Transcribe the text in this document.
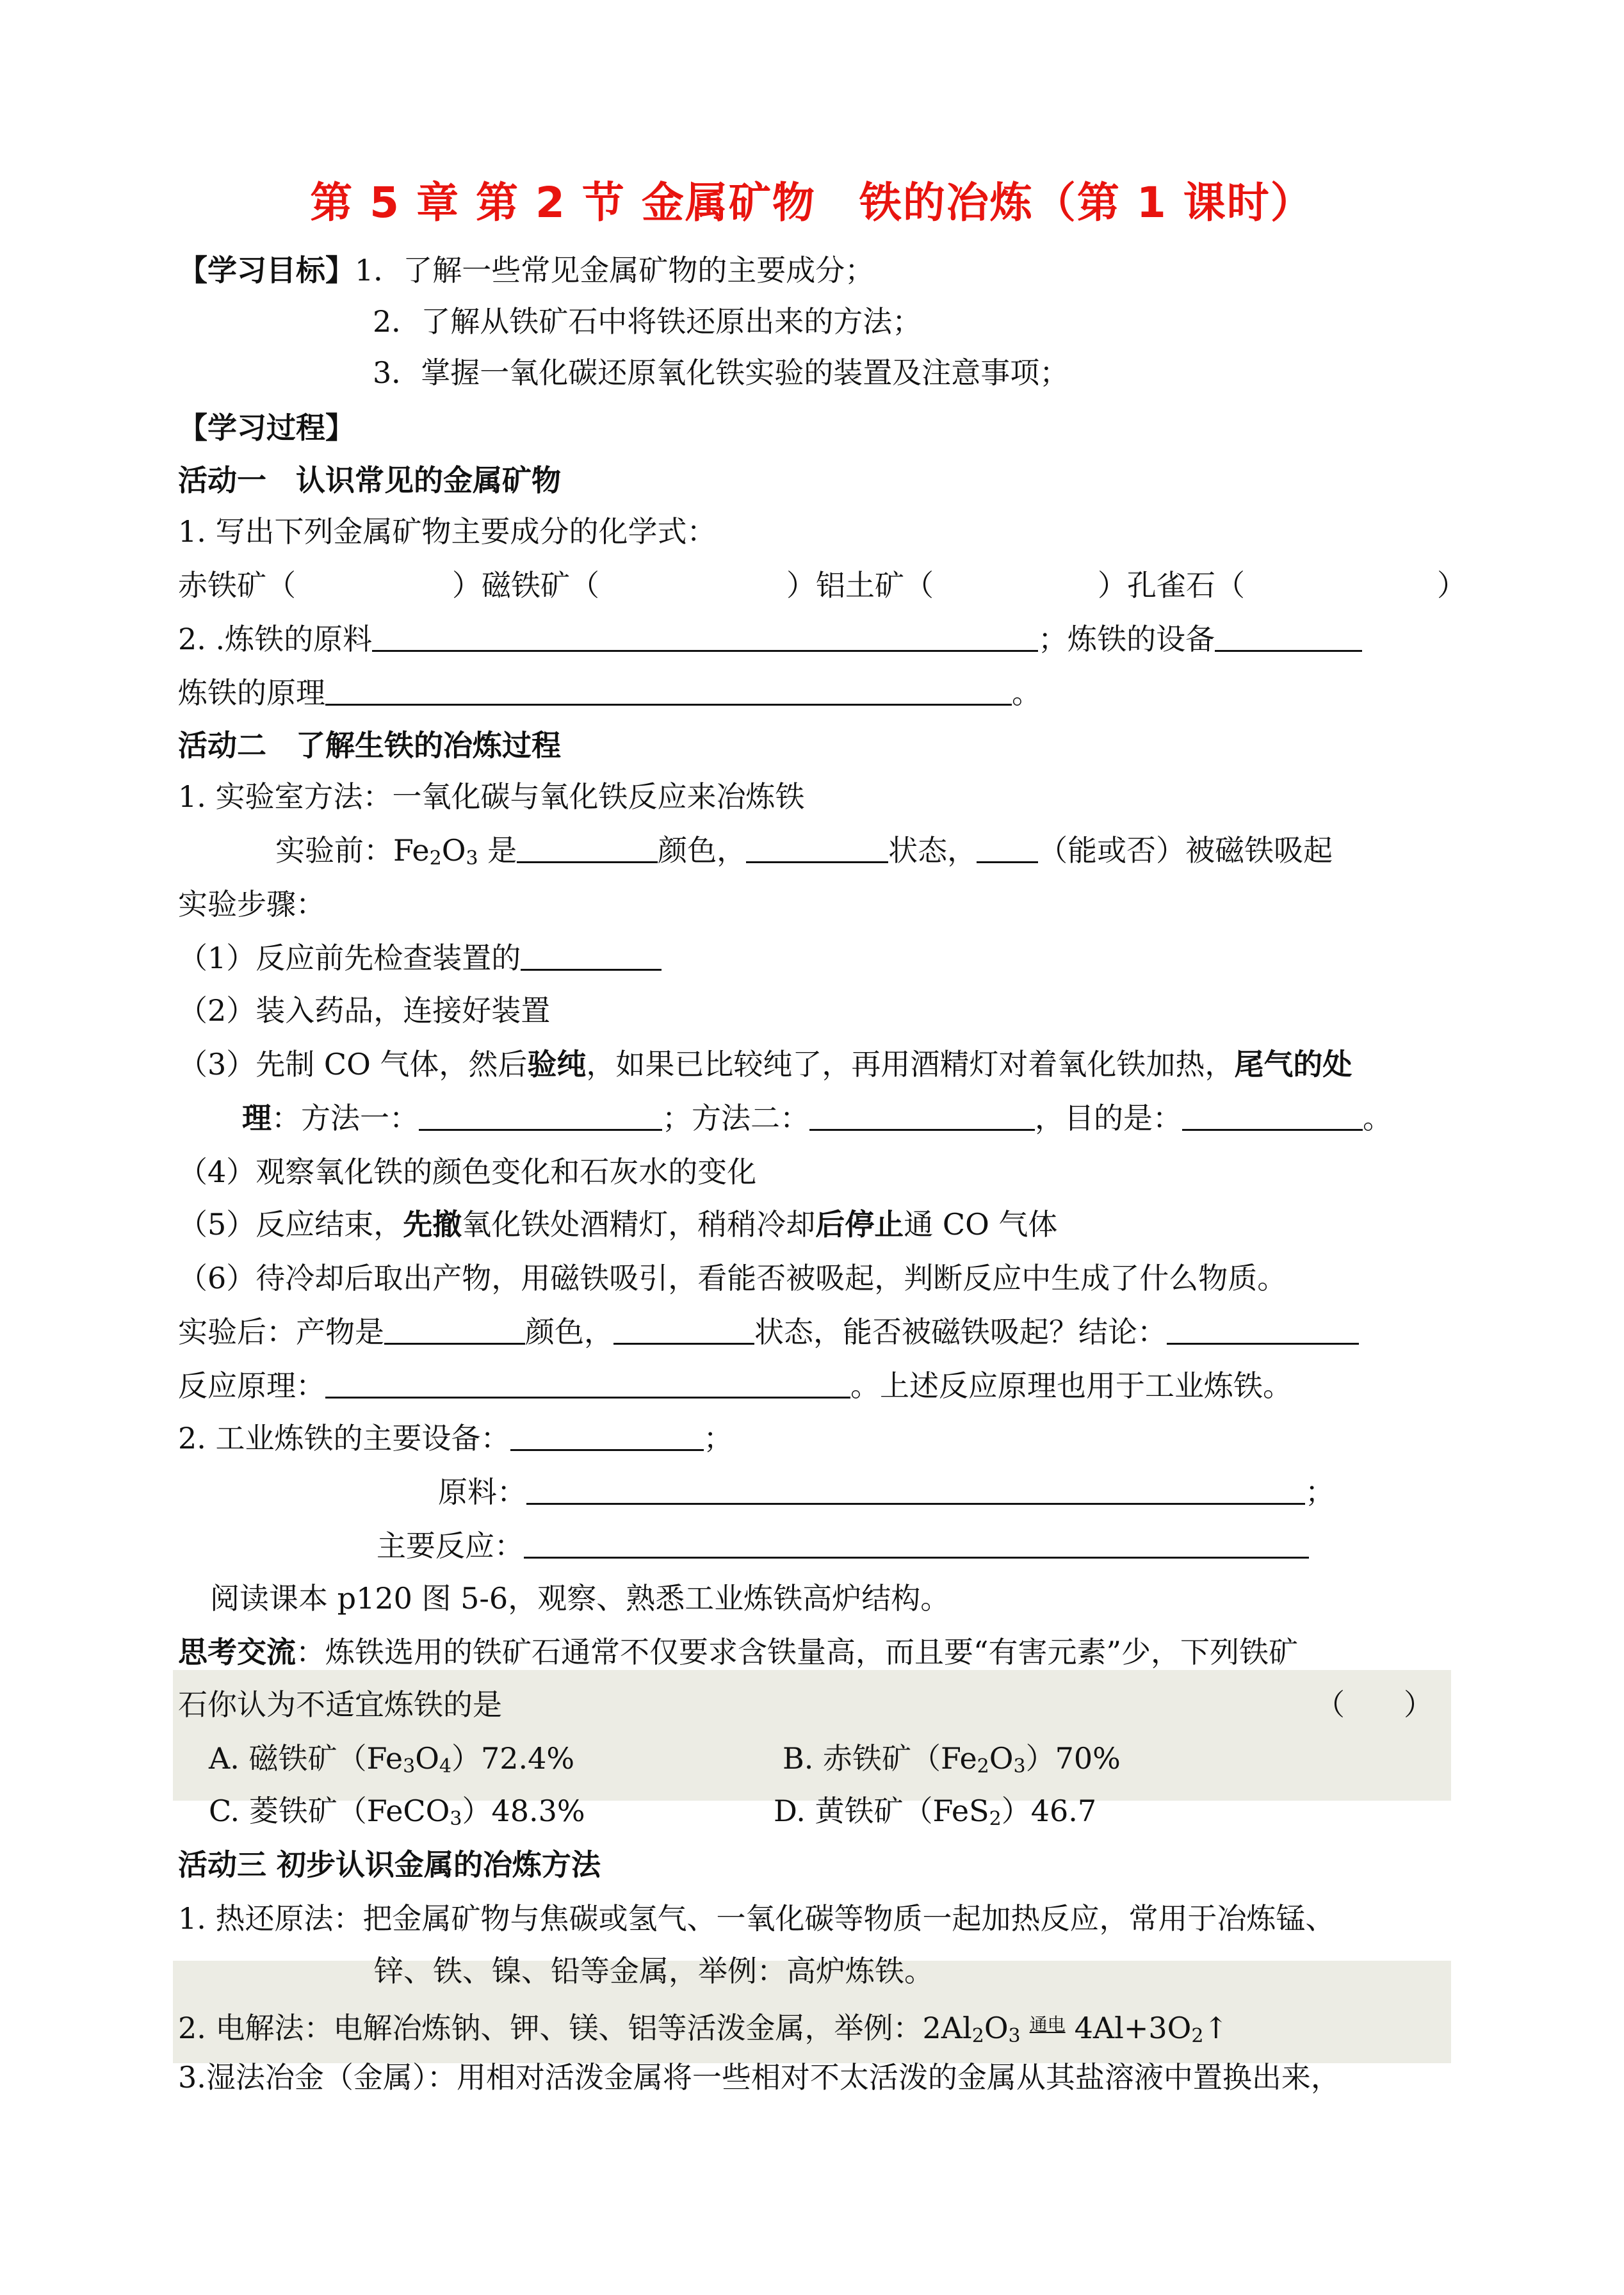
第 5 章 第 2 节 金属矿物　铁的冶炼（第 1 课时）
【学习目标】1．了解一些常见金属矿物的主要成分；
2．了解从铁矿石中将铁还原出来的方法；
3．掌握一氧化碳还原氧化铁实验的装置及注意事项；
【学习过程】
活动一　认识常见的金属矿物
1. 写出下列金属矿物主要成分的化学式：
赤铁矿（	）磁铁矿（	）铝土矿（	）孔雀石（	）
2. .炼铁的原料	；炼铁的设备
炼铁的原理	。
活动二　了解生铁的冶炼过程
1. 实验室方法：一氧化碳与氧化铁反应来冶炼铁
实验前：$Fe_2O_3$ 是	颜色，	状态， （能或否）被磁铁吸起
实验步骤：
（1）反应前先检查装置的
（2）装入药品，连接好装置
（3）先制 CO 气体，然后验纯，如果已比较纯了，再用酒精灯对着氧化铁加热，尾气的处
理：方法一：	；方法二：	，目的是：	。
（4）观察氧化铁的颜色变化和石灰水的变化
（5）反应结束，先撤氧化铁处酒精灯，稍稍冷却后停止通 CO 气体
（6）待冷却后取出产物，用磁铁吸引，看能否被吸起，判断反应中生成了什么物质。
实验后：产物是	颜色，	状态，能否被磁铁吸起？结论：
反应原理：	。上述反应原理也用于工业炼铁。
2. 工业炼铁的主要设备：	；
原料：	；
主要反应：
阅读课本 p120 图 5-6，观察、熟悉工业炼铁高炉结构。
思考交流：炼铁选用的铁矿石通常不仅要求含铁量高，而且要“有害元素”少，下列铁矿
石你认为不适宜炼铁的是	（　　）
A. 磁铁矿$(Fe_3O_4)72.4\%$	B. 赤铁矿$(Fe_2O_3)70\%$
C. 菱铁矿（FeCO$_3$）48.3%	D. 黄铁矿（FeS$_2$）46.7
活动三 初步认识金属的冶炼方法
1. 热还原法：把金属矿物与焦碳或氢气、一氧化碳等物质一起加热反应，常用于冶炼锰、
锌、铁、镍、铅等金属，举例：高炉炼铁。
2. 电解法：电解冶炼钠、钾、镁、铝等活泼金属，举例：$2Al_2O_3$通电 $4Al+3O_2↑$
3.湿法冶金（金属）：用相对活泼金属将一些相对不太活泼的金属从其盐溶液中置换出来，
